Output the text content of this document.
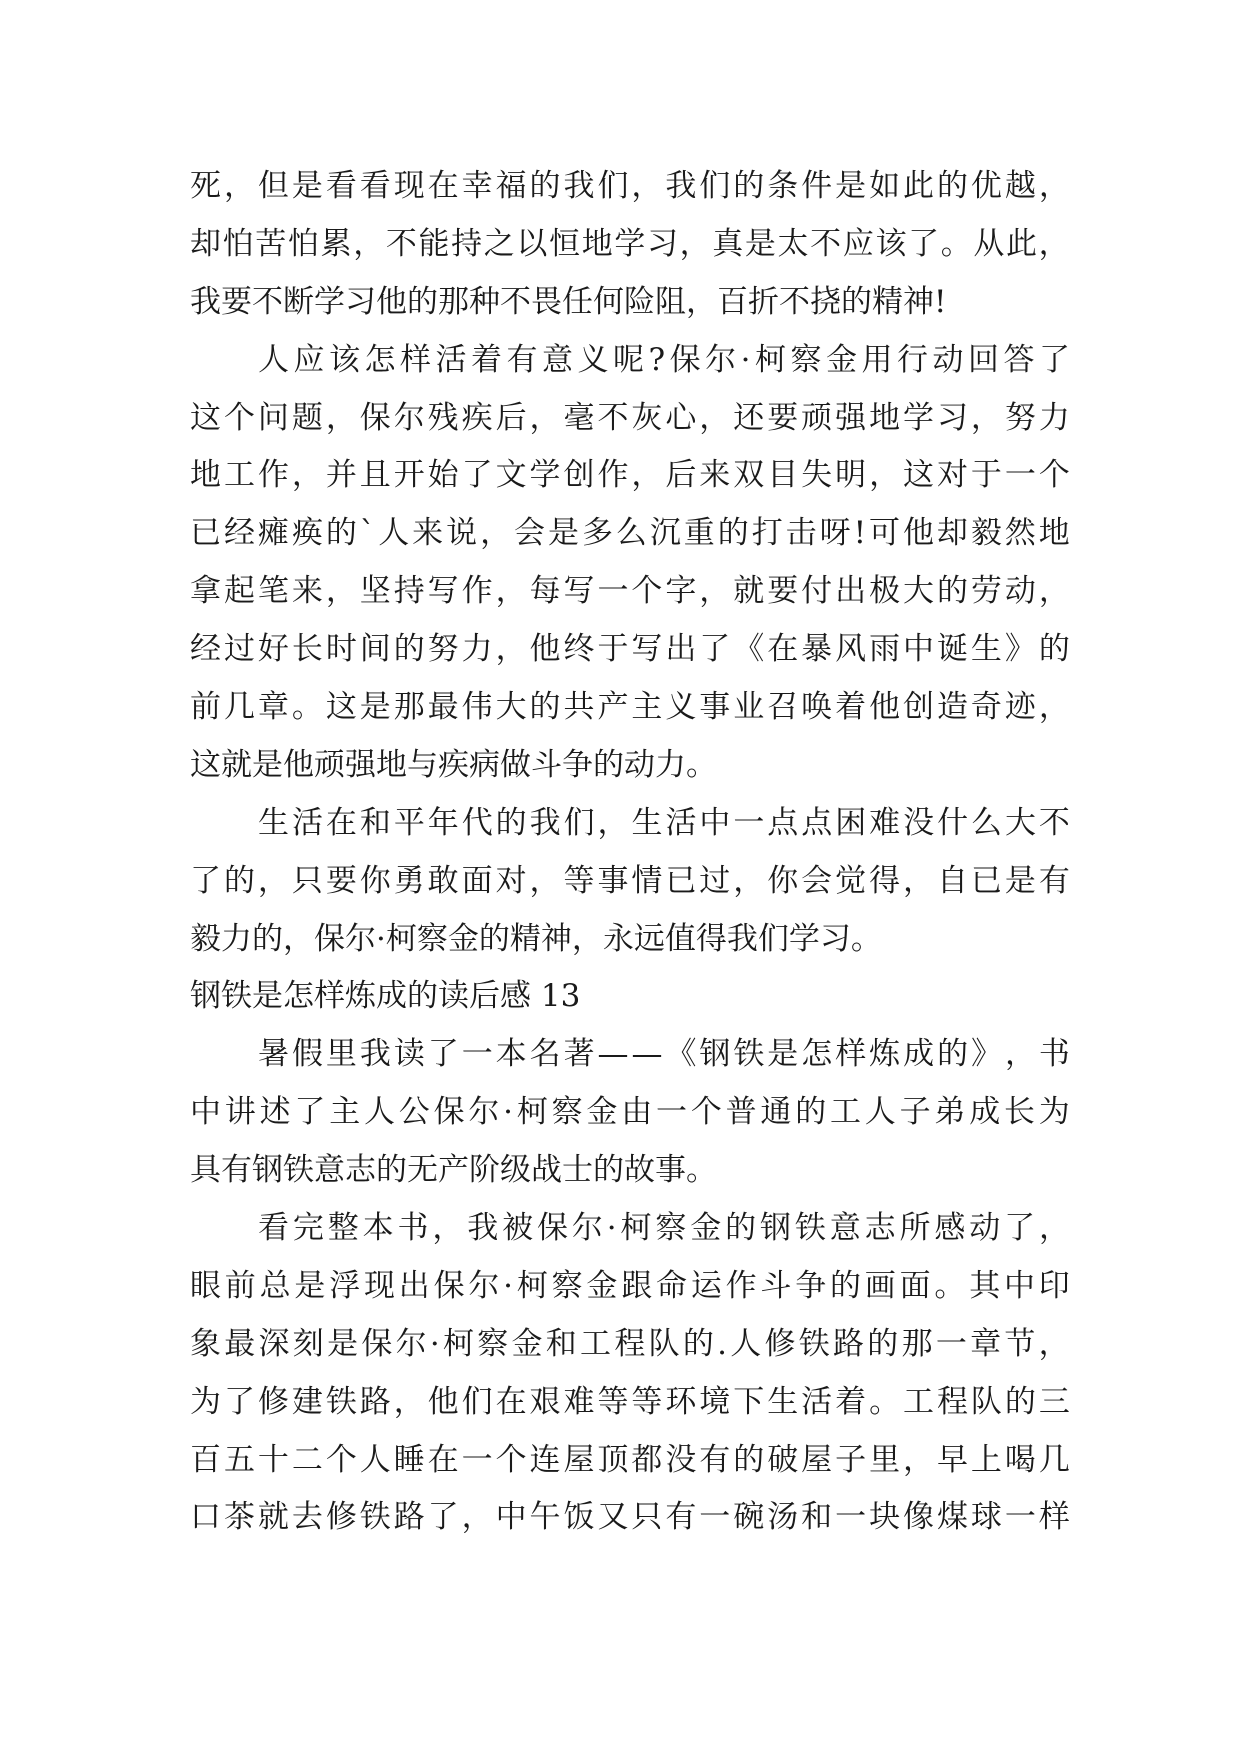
死 ， 但 是 看 看 现 在 幸 福 的 我 们 ， 我 们 的 条 件 是 如 此 的 优 越 ，
却 怕 苦 怕 累 ， 不 能 持 之 以 恒 地 学 习 ， 真 是 太 不 应 该 了 。 从 此 ，
我要不断学习他的那种不畏任何险阻，百折不挠的精神!
人 应 该 怎 样 活 着 有 意 义 呢 ? 保 尔 · 柯 察 金 用 行 动 回 答 了
这 个 问 题 ， 保 尔 残 疾 后 ， 毫 不 灰 心 ， 还 要 顽 强 地 学 习 ， 努 力
地 工 作 ， 并 且 开 始 了 文 学 创 作 ， 后 来 双 目 失 明 ， 这 对 于 一 个
已 经 瘫 痪 的 ` 人 来 说 ， 会 是 多 么 沉 重 的 打 击 呀 ! 可 他 却 毅 然 地
拿 起 笔 来 ， 坚 持 写 作 ， 每 写 一 个 字 ， 就 要 付 出 极 大 的 劳 动 ，
经 过 好 长 时 间 的 努 力 ， 他 终 于 写 出 了 《 在 暴 风 雨 中 诞 生 》 的
前 几 章 。 这 是 那 最 伟 大 的 共 产 主 义 事 业 召 唤 着 他 创 造 奇 迹 ，
这就是他顽强地与疾病做斗争的动力。
生 活 在 和 平 年 代 的 我 们 ， 生 活 中 一 点 点 困 难 没 什 么 大 不
了 的 ， 只 要 你 勇 敢 面 对 ， 等 事 情 已 过 ， 你 会 觉 得 ， 自 已 是 有
毅力的，保尔·柯察金的精神，永远值得我们学习。
钢铁是怎样炼成的读后感 13
暑 假 里 我 读 了 一 本 名 著 — — 《 钢 铁 是 怎 样 炼 成 的 》 ， 书
中 讲 述 了 主 人 公 保 尔 · 柯 察 金 由 一 个 普 通 的 工 人 子 弟 成 长 为
具有钢铁意志的无产阶级战士的故事。
看 完 整 本 书 ， 我 被 保 尔 · 柯 察 金 的 钢 铁 意 志 所 感 动 了 ，
眼 前 总 是 浮 现 出 保 尔 · 柯 察 金 跟 命 运 作 斗 争 的 画 面 。 其 中 印
象 最 深 刻 是 保 尔 · 柯 察 金 和 工 程 队 的 . 人 修 铁 路 的 那 一 章 节 ，
为 了 修 建 铁 路 ， 他 们 在 艰 难 等 等 环 境 下 生 活 着 。 工 程 队 的 三
百 五 十 二 个 人 睡 在 一 个 连 屋 顶 都 没 有 的 破 屋 子 里 ， 早 上 喝 几
口 茶 就 去 修 铁 路 了 ， 中 午 饭 又 只 有 一 碗 汤 和 一 块 像 煤 球 一 样
